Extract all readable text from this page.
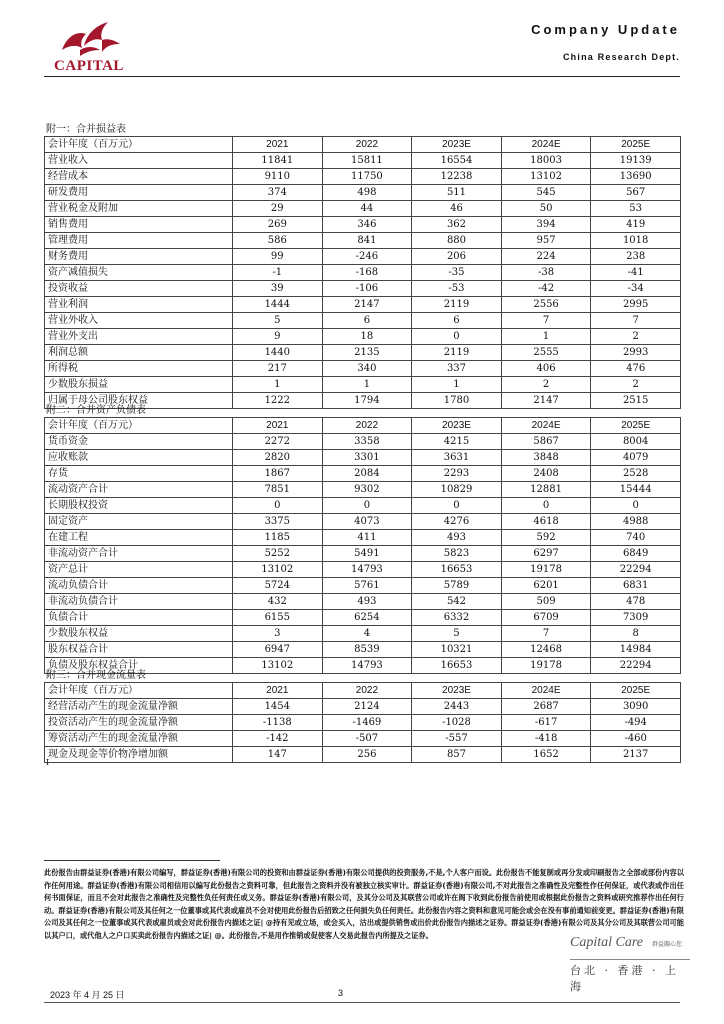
CAPITAL
Company Update
China Research Dept.
附一：合并损益表
会计年度（百万元）	2021	2022	2023E	2024E	2025E
营业收入	11841	15811	16554	18003	19139
经营成本	9110	11750	12238	13102	13690
研发费用	374	498	511	545	567
营业税金及附加	29	44	46	50	53
销售费用	269	346	362	394	419
管理费用	586	841	880	957	1018
财务费用	99	-246	206	224	238
资产减值损失	-1	-168	-35	-38	-41
投资收益	39	-106	-53	-42	-34
营业利润	1444	2147	2119	2556	2995
营业外收入	5	6	6	7	7
营业外支出	9	18	0	1	2
利润总额	1440	2135	2119	2555	2993
所得税	217	340	337	406	476
少数股东损益	1	1	1	2	2
归属于母公司股东权益	1222	1794	1780	2147	2515
附二：合并资产负债表
会计年度（百万元）	2021	2022	2023E	2024E	2025E
货币资金	2272	3358	4215	5867	8004
应收账款	2820	3301	3631	3848	4079
存货	1867	2084	2293	2408	2528
流动资产合计	7851	9302	10829	12881	15444
长期股权投资	0	0	0	0	0
固定资产	3375	4073	4276	4618	4988
在建工程	1185	411	493	592	740
非流动资产合计	5252	5491	5823	6297	6849
资产总计	13102	14793	16653	19178	22294
流动负债合计	5724	5761	5789	6201	6831
非流动负债合计	432	493	542	509	478
负债合计	6155	6254	6332	6709	7309
少数股东权益	3	4	5	7	8
股东权益合计	6947	8539	10321	12468	14984
负债及股东权益合计	13102	14793	16653	19178	22294
附三：合并现金流量表
会计年度（百万元）	2021	2022	2023E	2024E	2025E
经营活动产生的现金流量净额	1454	2124	2443	2687	3090
投资活动产生的现金流量净额	-1138	-1469	-1028	-617	-494
筹资活动产生的现金流量净额	-142	-507	-557	-418	-460
现金及现金等价物净增加额	147	256	857	1652	2137
I
此份报告由群益证券(香港)有限公司编写，群益证券(香港)有限公司的投资和由群益证券(香港)有限公司提供的投资服务,不是,个人客户而设。此份报告不能复制或再分发或印刷报告之全部或部份内容以作任何用途。群益证券(香港)有限公司相信用以编写此份报告之资料可靠，但此报告之资料并没有被独立核实审计。群益证券(香港)有限公司,不对此报告之准确性及完整性作任何保证，或代表或作出任何书面保证，而且不会对此报告之准确性及完整性负任何责任或义务。群益证券(香港)有限公司，及其分公司及其联营公司或许在阁下收到此份报告前使用或根据此份报告之资料或研究推荐作出任何行动。群益证券(香港)有限公司及其任何之一位董事或其代表或雇员不会对使用此份报告后招致之任何损失负任何责任。此份报告内容之资料和意见可能会或会在没有事前通知前变更。群益证券(香港)有限公司及其任何之一位董事或其代表或雇员或会对此份报告内描述之证| @持有见或立场，或会买入，沽出或提供销售或出价此份报告内描述之证券。群益证券(香港)有限公司及其分公司及其联营公司可能以其户口，或代他人之户口买卖此份报告内描述之证| @。此份报告,不是用作推销或促使客人交易此报告内所提及之证券。	Capital Care 群益關心您
台北 · 香港 · 上海
2023 年 4 月 25 日	3
